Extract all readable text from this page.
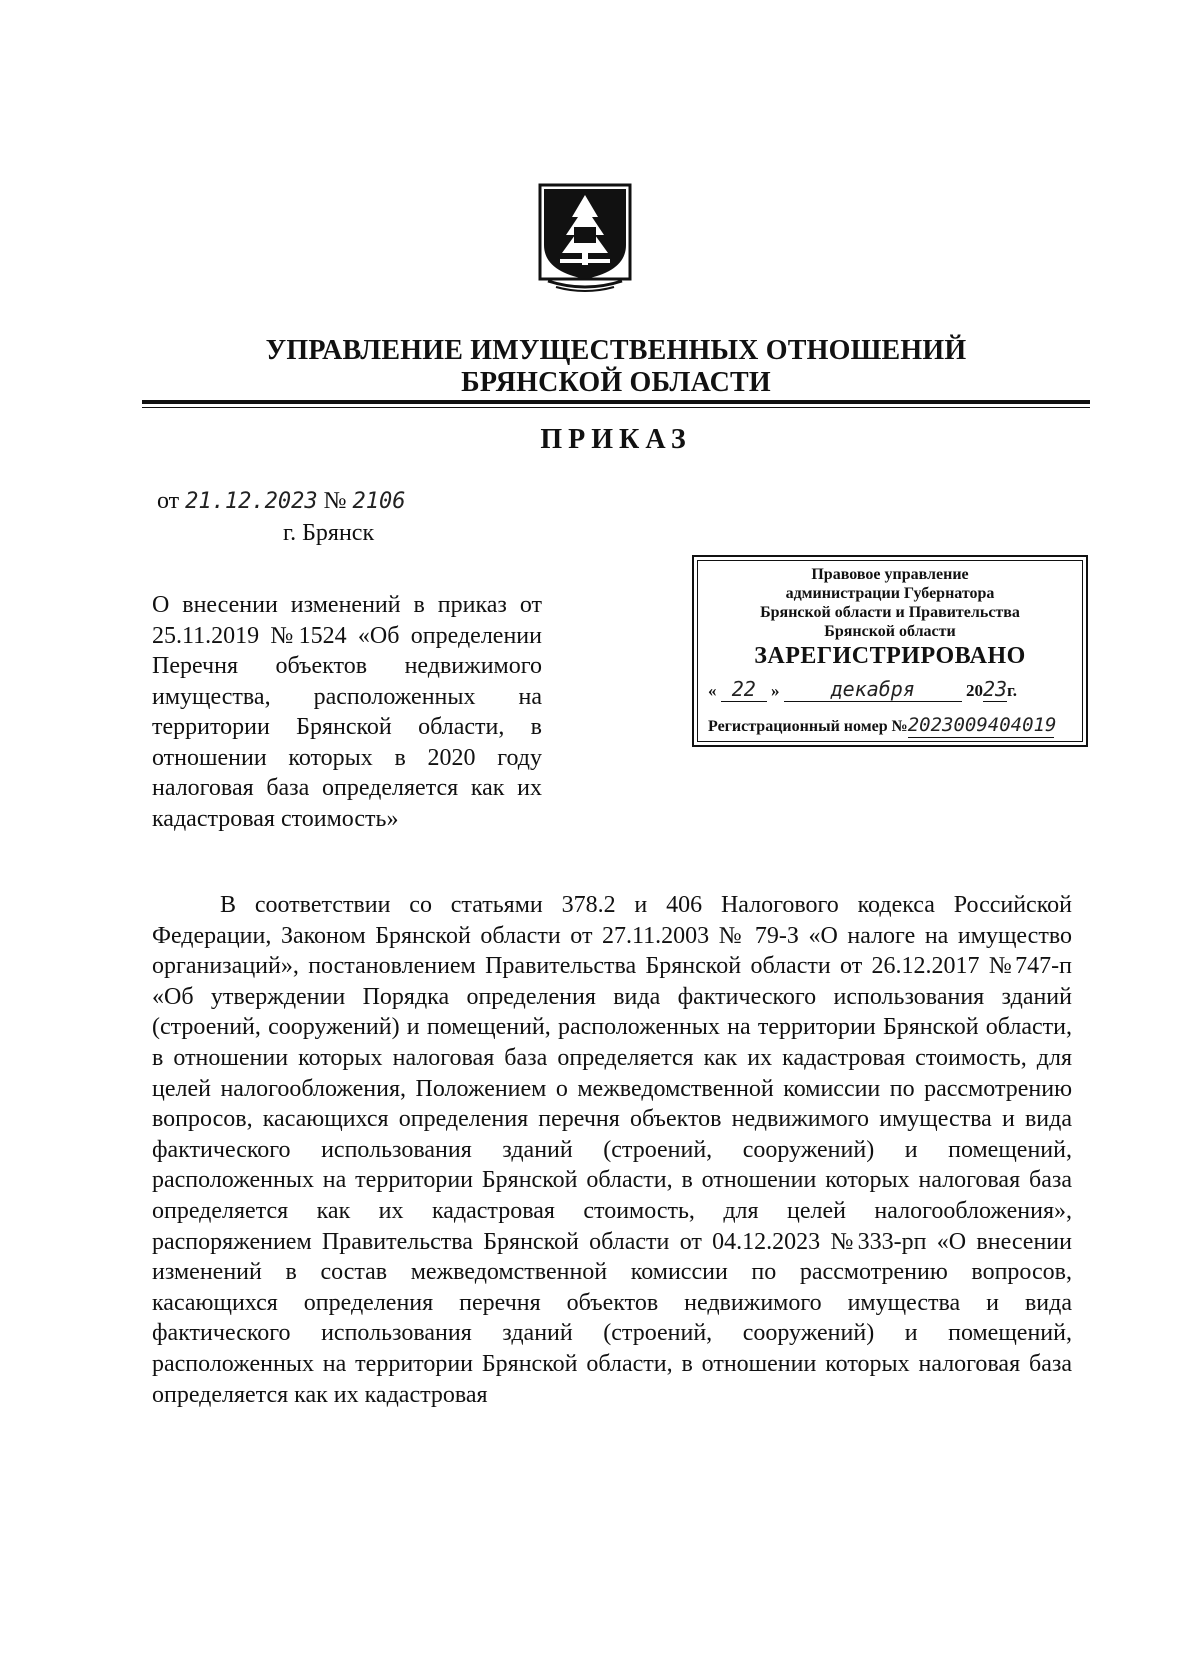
УПРАВЛЕНИЕ ИМУЩЕСТВЕННЫХ ОТНОШЕНИЙ
БРЯНСКОЙ ОБЛАСТИ
ПРИКАЗ
от 21.12.2023 № 2106
г. Брянск
О внесении изменений в приказ от 25.11.2019 №1524 «Об определении Перечня объектов недвижимого имущества, расположенных на территории Брянской области, в отношении которых в 2020 году налоговая база определяется как их кадастровая стоимость»
Правовое управление
администрации Губернатора
Брянской области и Правительства
Брянской области
ЗАРЕГИСТРИРОВАНО
« 22 »	декабря	2023г.
Регистрационный номер №2023009404019
В соответствии со статьями 378.2 и 406 Налогового кодекса Российской Федерации, Законом Брянской области от 27.11.2003 № 79-З «О налоге на имущество организаций», постановлением Правительства Брянской области от 26.12.2017 №747-п «Об утверждении Порядка определения вида фактического использования зданий (строений, сооружений) и помещений, расположенных на территории Брянской области, в отношении которых налоговая база определяется как их кадастровая стоимость, для целей налогообложения, Положением о межведомственной комиссии по рассмотрению вопросов, касающихся определения перечня объектов недвижимого имущества и вида фактического использования зданий (строений, сооружений) и помещений, расположенных на территории Брянской области, в отношении которых налоговая база определяется как их кадастровая стоимость, для целей налогообложения», распоряжением Правительства Брянской области от 04.12.2023 №333-рп «О внесении изменений в состав межведомственной комиссии по рассмотрению вопросов, касающихся определения перечня объектов недвижимого имущества и вида фактического использования зданий (строений, сооружений) и помещений, расположенных на территории Брянской области, в отношении которых налоговая база определяется как их кадастровая
